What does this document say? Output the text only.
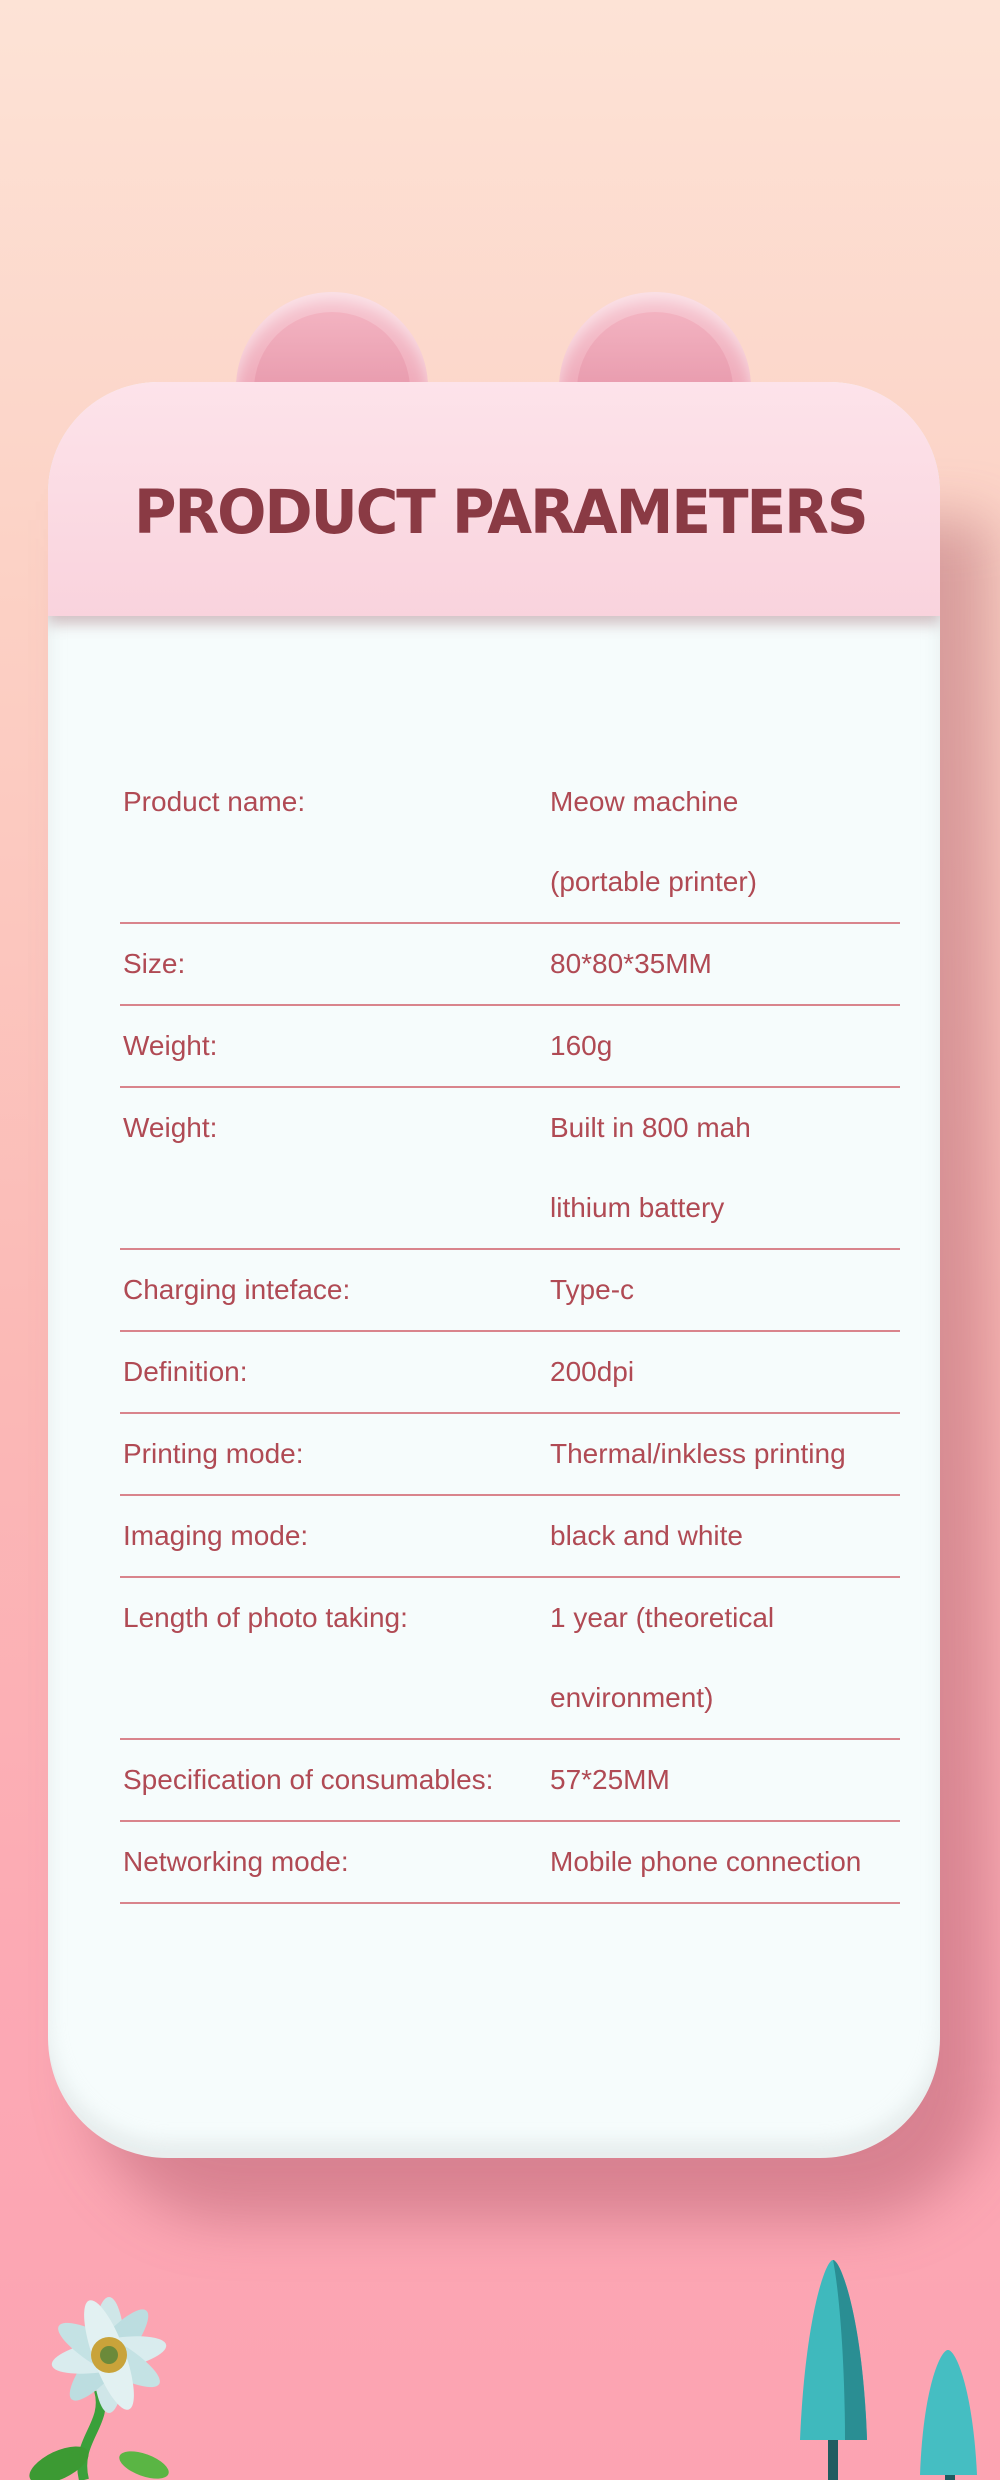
PRODUCT PARAMETERS
Product name:	Meow machine
(portable printer)
Size:	80*80*35MM
Weight:	160g
Weight:	Built in 800 mah
lithium battery
Charging inteface:	Type-c
Definition:	200dpi
Printing mode:	Thermal/inkless printing
Imaging mode:	black and white
Length of photo taking:	1 year (theoretical
environment)
Specification of consumables: 57*25MM
Networking mode:	Mobile phone connection
